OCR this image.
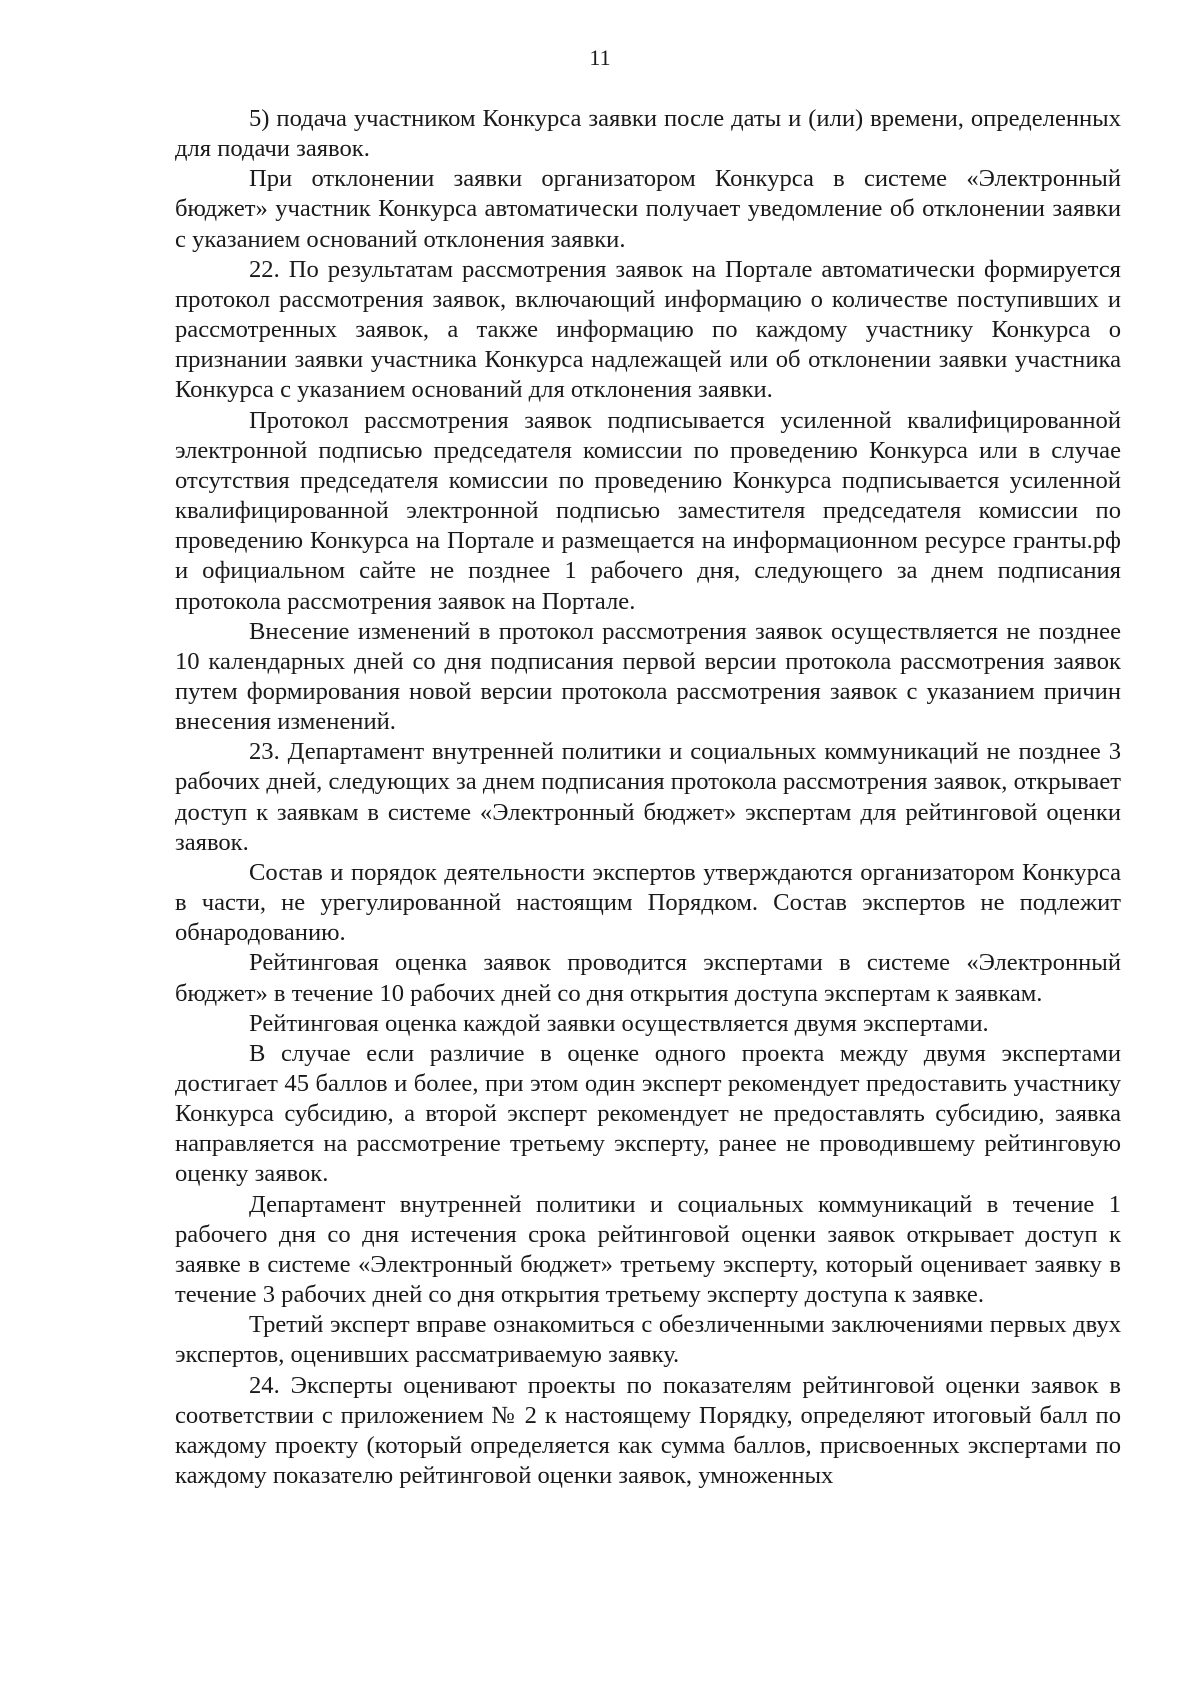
11

5) подача участником Конкурса заявки после даты и (или) времени, определенных для подачи заявок.

При отклонении заявки организатором Конкурса в системе «Электронный бюджет» участник Конкурса автоматически получает уведомление об отклонении заявки с указанием оснований отклонения заявки.

22. По результатам рассмотрения заявок на Портале автоматически формируется протокол рассмотрения заявок, включающий информацию о количестве поступивших и рассмотренных заявок, а также информацию по каждому участнику Конкурса о признании заявки участника Конкурса надлежащей или об отклонении заявки участника Конкурса с указанием оснований для отклонения заявки.

Протокол рассмотрения заявок подписывается усиленной квалифицированной электронной подписью председателя комиссии по проведению Конкурса или в случае отсутствия председателя комиссии по проведению Конкурса подписывается усиленной квалифицированной электронной подписью заместителя председателя комиссии по проведению Конкурса на Портале и размещается на информационном ресурсе гранты.рф и официальном сайте не позднее 1 рабочего дня, следующего за днем подписания протокола рассмотрения заявок на Портале.

Внесение изменений в протокол рассмотрения заявок осуществляется не позднее 10 календарных дней со дня подписания первой версии протокола рассмотрения заявок путем формирования новой версии протокола рассмотрения заявок с указанием причин внесения изменений.

23. Департамент внутренней политики и социальных коммуникаций не позднее 3 рабочих дней, следующих за днем подписания протокола рассмотрения заявок, открывает доступ к заявкам в системе «Электронный бюджет» экспертам для рейтинговой оценки заявок.

Состав и порядок деятельности экспертов утверждаются организатором Конкурса в части, не урегулированной настоящим Порядком. Состав экспертов не подлежит обнародованию.

Рейтинговая оценка заявок проводится экспертами в системе «Электронный бюджет» в течение 10 рабочих дней со дня открытия доступа экспертам к заявкам.

Рейтинговая оценка каждой заявки осуществляется двумя экспертами.

В случае если различие в оценке одного проекта между двумя экспертами достигает 45 баллов и более, при этом один эксперт рекомендует предоставить участнику Конкурса субсидию, а второй эксперт рекомендует не предоставлять субсидию, заявка направляется на рассмотрение третьему эксперту, ранее не проводившему рейтинговую оценку заявок.

Департамент внутренней политики и социальных коммуникаций в течение 1 рабочего дня со дня истечения срока рейтинговой оценки заявок открывает доступ к заявке в системе «Электронный бюджет» третьему эксперту, который оценивает заявку в течение 3 рабочих дней со дня открытия третьему эксперту доступа к заявке.

Третий эксперт вправе ознакомиться с обезличенными заключениями первых двух экспертов, оценивших рассматриваемую заявку.

24. Эксперты оценивают проекты по показателям рейтинговой оценки заявок в соответствии с приложением № 2 к настоящему Порядку, определяют итоговый балл по каждому проекту (который определяется как сумма баллов, присвоенных экспертами по каждому показателю рейтинговой оценки заявок, умноженных
